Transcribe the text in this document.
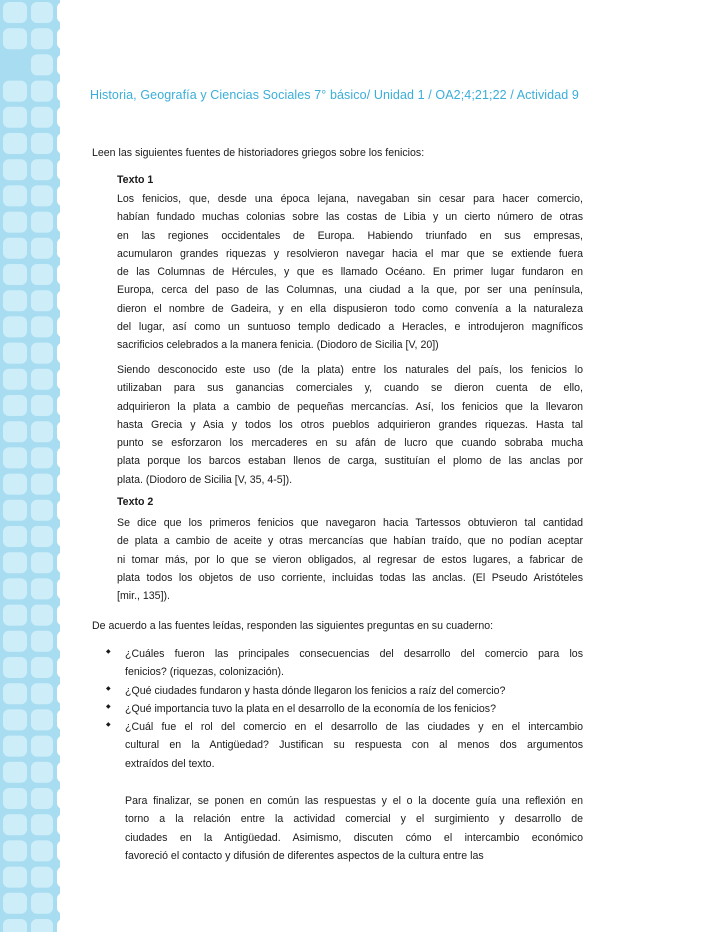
Historia, Geografía y Ciencias Sociales 7° básico/ Unidad 1 / OA2;4;21;22 / Actividad 9
Leen las siguientes fuentes de historiadores griegos sobre los fenicios:
Texto 1
Los fenicios, que, desde una época lejana, navegaban sin cesar para hacer comercio,
habían fundado muchas colonias sobre las costas de Libia y un cierto número de otras
en las regiones occidentales de Europa. Habiendo triunfado en sus empresas,
acumularon grandes riquezas y resolvieron navegar hacia el mar que se extiende fuera
de las Columnas de Hércules, y que es llamado Océano. En primer lugar fundaron en
Europa, cerca del paso de las Columnas, una ciudad a la que, por ser una península,
dieron el nombre de Gadeira, y en ella dispusieron todo como convenía a la naturaleza
del lugar, así como un suntuoso templo dedicado a Heracles, e introdujeron magníficos
sacrificios celebrados a la manera fenicia. (Diodoro de Sicilia [V, 20])
Siendo desconocido este uso (de la plata) entre los naturales del país, los fenicios lo
utilizaban para sus ganancias comerciales y, cuando se dieron cuenta de ello,
adquirieron la plata a cambio de pequeñas mercancías. Así, los fenicios que la llevaron
hasta Grecia y Asia y todos los otros pueblos adquirieron grandes riquezas. Hasta tal
punto se esforzaron los mercaderes en su afán de lucro que cuando sobraba mucha
plata porque los barcos estaban llenos de carga, sustituían el plomo de las anclas por
plata. (Diodoro de Sicilia [V, 35, 4-5]).
Texto 2
Se dice que los primeros fenicios que navegaron hacia Tartessos obtuvieron tal cantidad
de plata a cambio de aceite y otras mercancías que habían traído, que no podían aceptar
ni tomar más, por lo que se vieron obligados, al regresar de estos lugares, a fabricar de
plata todos los objetos de uso corriente, incluidas todas las anclas. (El Pseudo Aristóteles
[mir., 135]).
De acuerdo a las fuentes leídas, responden las siguientes preguntas en su cuaderno:
◆ ¿Cuáles fueron las principales consecuencias del desarrollo del comercio para los
fenicios? (riquezas, colonización).
◆ ¿Qué ciudades fundaron y hasta dónde llegaron los fenicios a raíz del comercio?
◆ ¿Qué importancia tuvo la plata en el desarrollo de la economía de los fenicios?
◆ ¿Cuál fue el rol del comercio en el desarrollo de las ciudades y en el intercambio
cultural en la Antigüedad? Justifican su respuesta con al menos dos argumentos
extraídos del texto.
Para finalizar, se ponen en común las respuestas y el o la docente guía una reflexión en
torno a la relación entre la actividad comercial y el surgimiento y desarrollo de
ciudades en la Antigüedad. Asimismo, discuten cómo el intercambio económico
favoreció el contacto y difusión de diferentes aspectos de la cultura entre las
